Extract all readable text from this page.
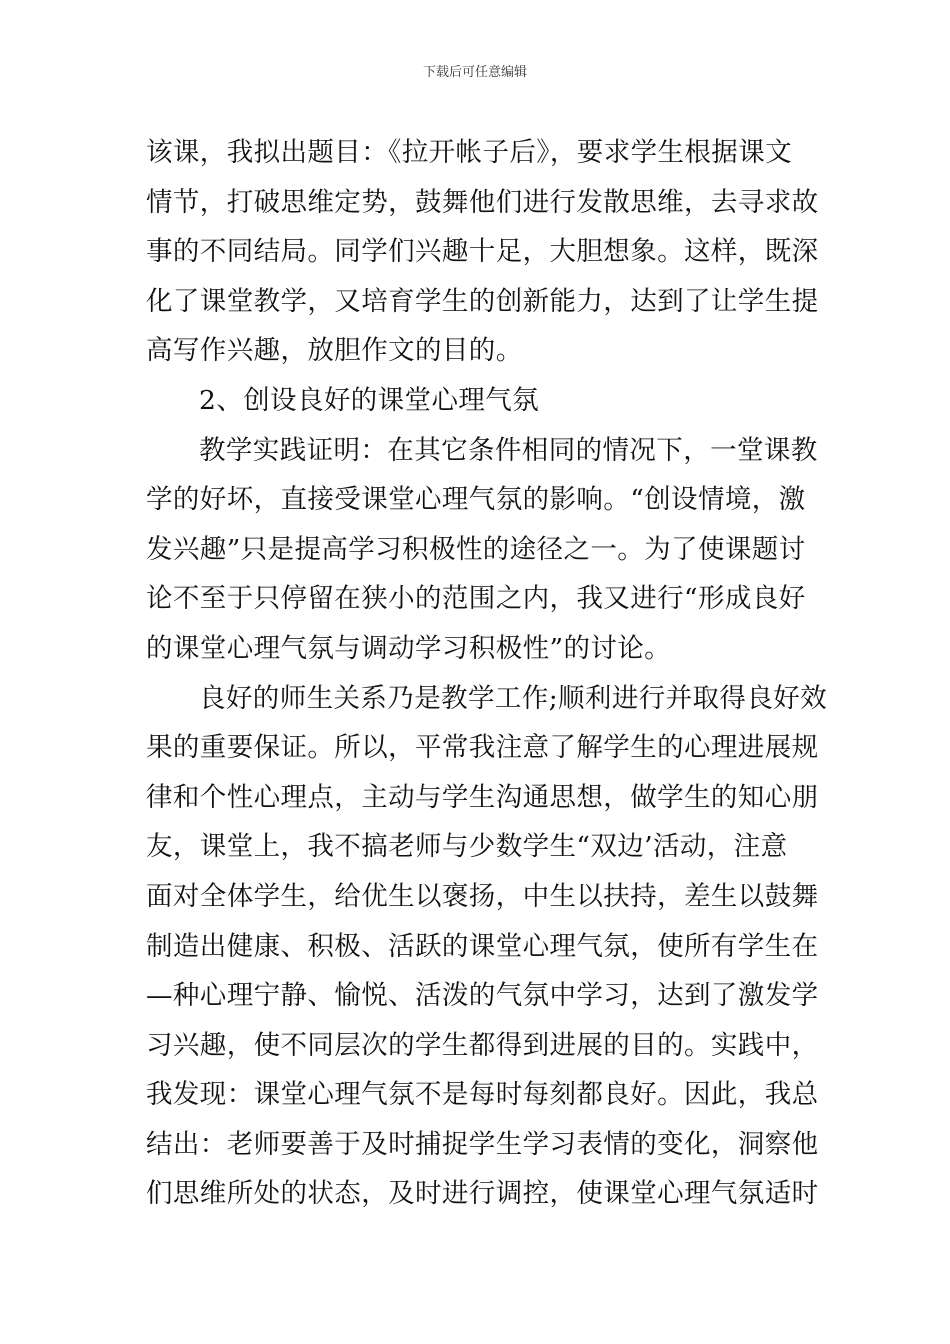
下载后可任意编辑
该课，我拟出题目：《拉开帐子后》，要求学生根据课文
情节，打破思维定势，鼓舞他们进行发散思维，去寻求故
事的不同结局。同学们兴趣十足，大胆想象。这样，既深
化了课堂教学，又培育学生的创新能力，达到了让学生提
高写作兴趣，放胆作文的目的。
2、创设良好的课堂心理气氛
教学实践证明：在其它条件相同的情况下，一堂课教
学的好坏，直接受课堂心理气氛的影响。“创设情境，激
发兴趣”只是提高学习积极性的途径之一。为了使课题讨
论不至于只停留在狭小的范围之内，我又进行“形成良好
的课堂心理气氛与调动学习积极性”的讨论。
良好的师生关系乃是教学工作;顺利进行并取得良好效
果的重要保证。所以，平常我注意了解学生的心理进展规
律和个性心理点，主动与学生沟通思想，做学生的知心朋
友，课堂上，我不搞老师与少数学生“双边’活动，注意
面对全体学生，给优生以褒扬，中生以扶持，差生以鼓舞
制造出健康、积极、活跃的课堂心理气氛，使所有学生在
—种心理宁静、愉悦、活泼的气氛中学习，达到了激发学
习兴趣，使不同层次的学生都得到进展的目的。实践中，
我发现：课堂心理气氛不是每时每刻都良好。因此，我总
结出：老师要善于及时捕捉学生学习表情的变化，洞察他
们思维所处的状态，及时进行调控，使课堂心理气氛适时
